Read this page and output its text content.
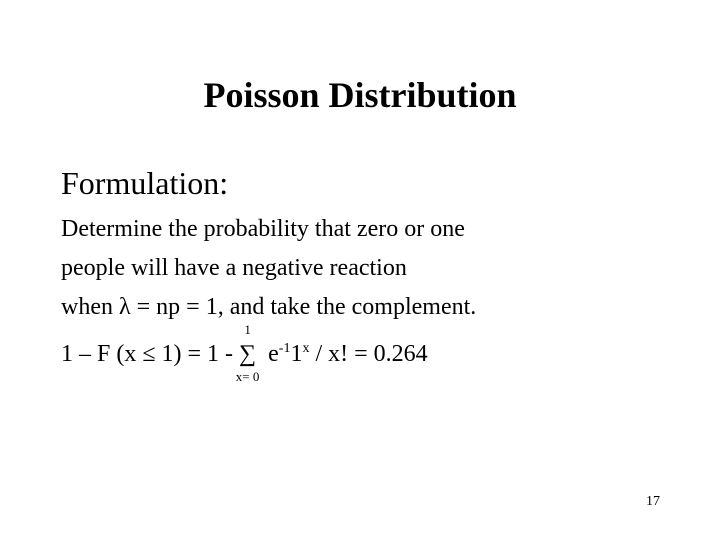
Poisson Distribution
Formulation:
Determine the probability that zero or one
people will have a negative reaction
when λ = np = 1, and take the complement.
1 – F (x ≤ 1) = 1 -
1
∑
x= 0
$e^{-1}1^x$ / x! = 0.264
17
